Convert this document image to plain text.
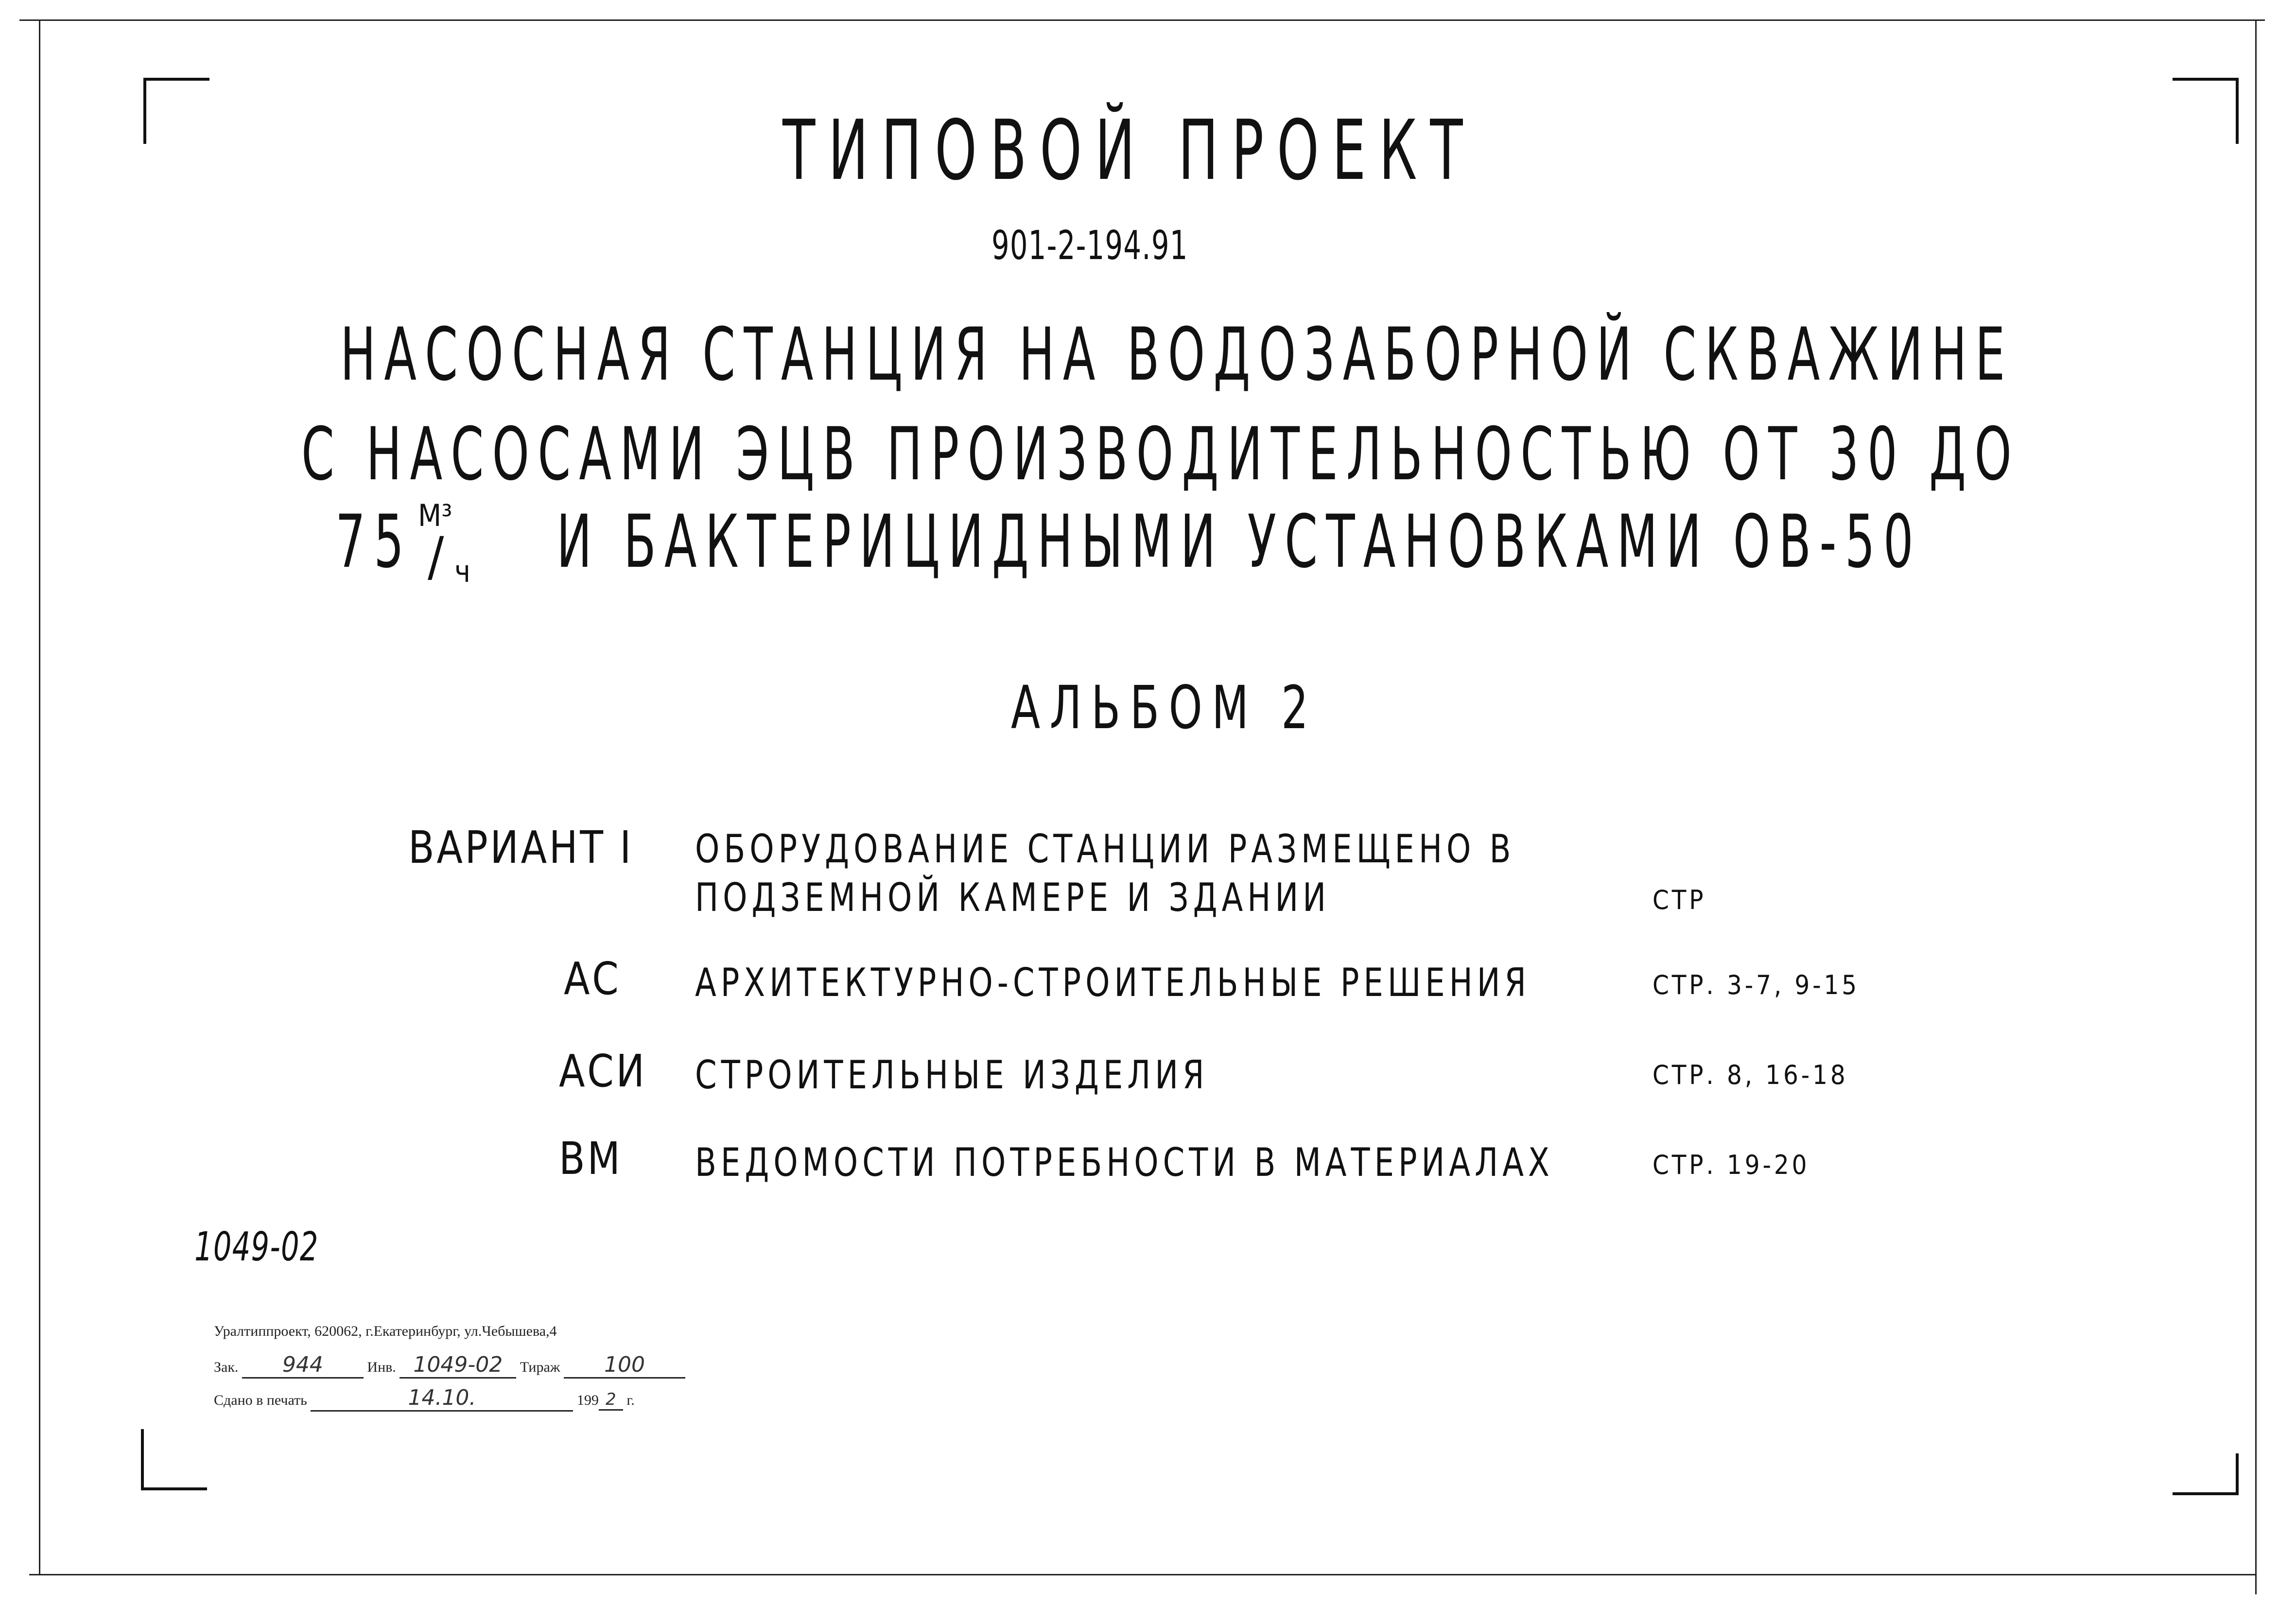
ТИПОВОЙ ПРОЕКТ
901-2-194.91
НАСОСНАЯ СТАНЦИЯ НА ВОДОЗАБОРНОЙ СКВАЖИНЕ
С НАСОСАМИ ЭЦВ ПРОИЗВОДИТЕЛЬНОСТЬЮ ОТ 30 ДО
75 М³
/ ч И БАКТЕРИЦИДНЫМИ УСТАНОВКАМИ ОВ-50
АЛЬБОМ 2
ВАРИАНТ I ОБОРУДОВАНИЕ СТАНЦИИ РАЗМЕЩЕНО В
ПОДЗЕМНОЙ КАМЕРЕ И ЗДАНИИ	СТР
АС АРХИТЕКТУРНО-СТРОИТЕЛЬНЫЕ РЕШЕНИЯ	СТР. 3-7, 9-15
АСИ СТРОИТЕЛЬНЫЕ ИЗДЕЛИЯ	СТР. 8, 16-18
ВМ ВЕДОМОСТИ ПОТРЕБНОСТИ В МАТЕРИАЛАХ	СТР. 19-20
1049-02
Уралтиппроект, 620062, г.Екатеринбург, ул.Чебышева,4
Зак. 944	Инв. 1049-02 Тираж 100
Сдано в печать	14.10.	199 2 г.
